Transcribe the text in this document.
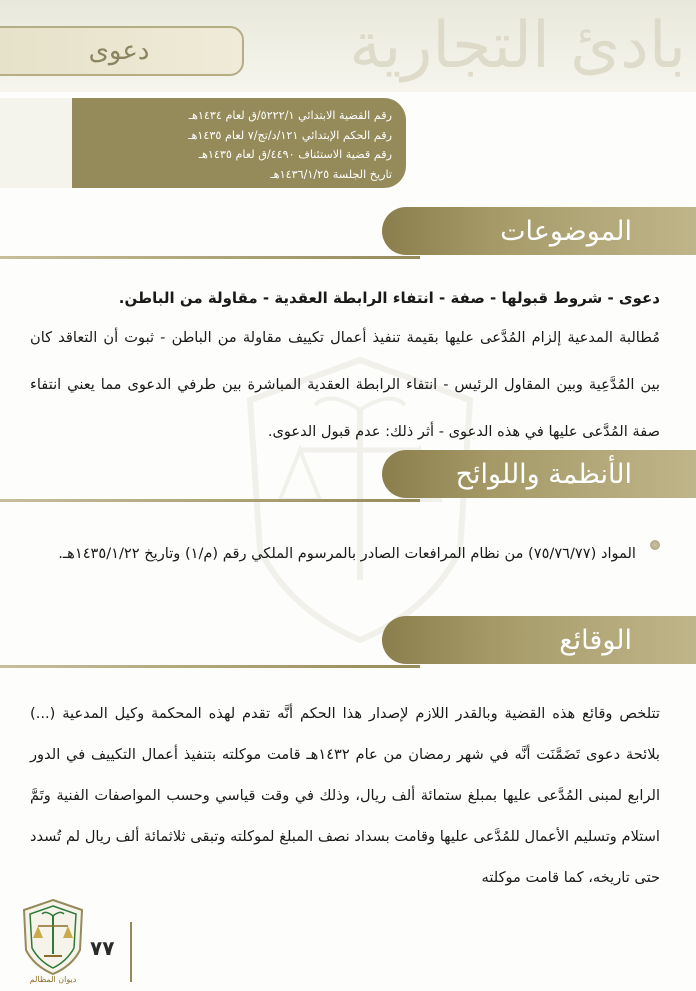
بادئ التجارية
دعوى
رقم القضية الابتدائي ٥٢٢٢/١/ق لعام ١٤٣٤هـ
رقم الحكم الإبتدائي ١٢١/د/تج/٧ لعام ١٤٣٥هـ
رقم قضية الاستئناف ٤٤٩٠/ق لعام ١٤٣٥هـ
تاريخ الجلسة ١٤٣٦/١/٢٥هـ
الموضوعات
دعوى - شروط قبولها - صفة - انتفاء الرابطة العقدية - مقاولة من الباطن.
مُطالبة المدعية إلزام المُدَّعى عليها بقيمة تنفيذ أعمال تكييف مقاولة من الباطن - ثبوت أن التعاقد كان بين المُدَّعِية وبين المقاول الرئيس - انتفاء الرابطة العقدية المباشرة بين طرفي الدعوى مما يعني انتفاء صفة المُدَّعى عليها في هذه الدعوى - أثر ذلك: عدم قبول الدعوى.
الأنظمة واللوائح
المواد (٧٥/٧٦/٧٧) من نظام المرافعات الصادر بالمرسوم الملكي رقم (م/١) وتاريخ ١٤٣٥/١/٢٢هـ.
الوقائع
تتلخص وقائع هذه القضية وبالقدر اللازم لإصدار هذا الحكم أنَّه تقدم لهذه المحكمة وكيل المدعية (...) بلائحة دعوى تَضَمَّنَت أنَّه في شهر رمضان من عام ١٤٣٢هـ قامت موكلته بتنفيذ أعمال التكييف في الدور الرابع لمبنى المُدَّعى عليها بمبلغ ستمائة ألف ريال، وذلك في وقت قياسي وحسب المواصفات الفنية وتَمَّ استلام وتسليم الأعمال للمُدَّعى عليها وقامت بسداد نصف المبلغ لموكلته وتبقى ثلاثمائة ألف ريال لم تُسدد حتى تاريخه، كما قامت موكلته
ديوان المظالم
٧٧
